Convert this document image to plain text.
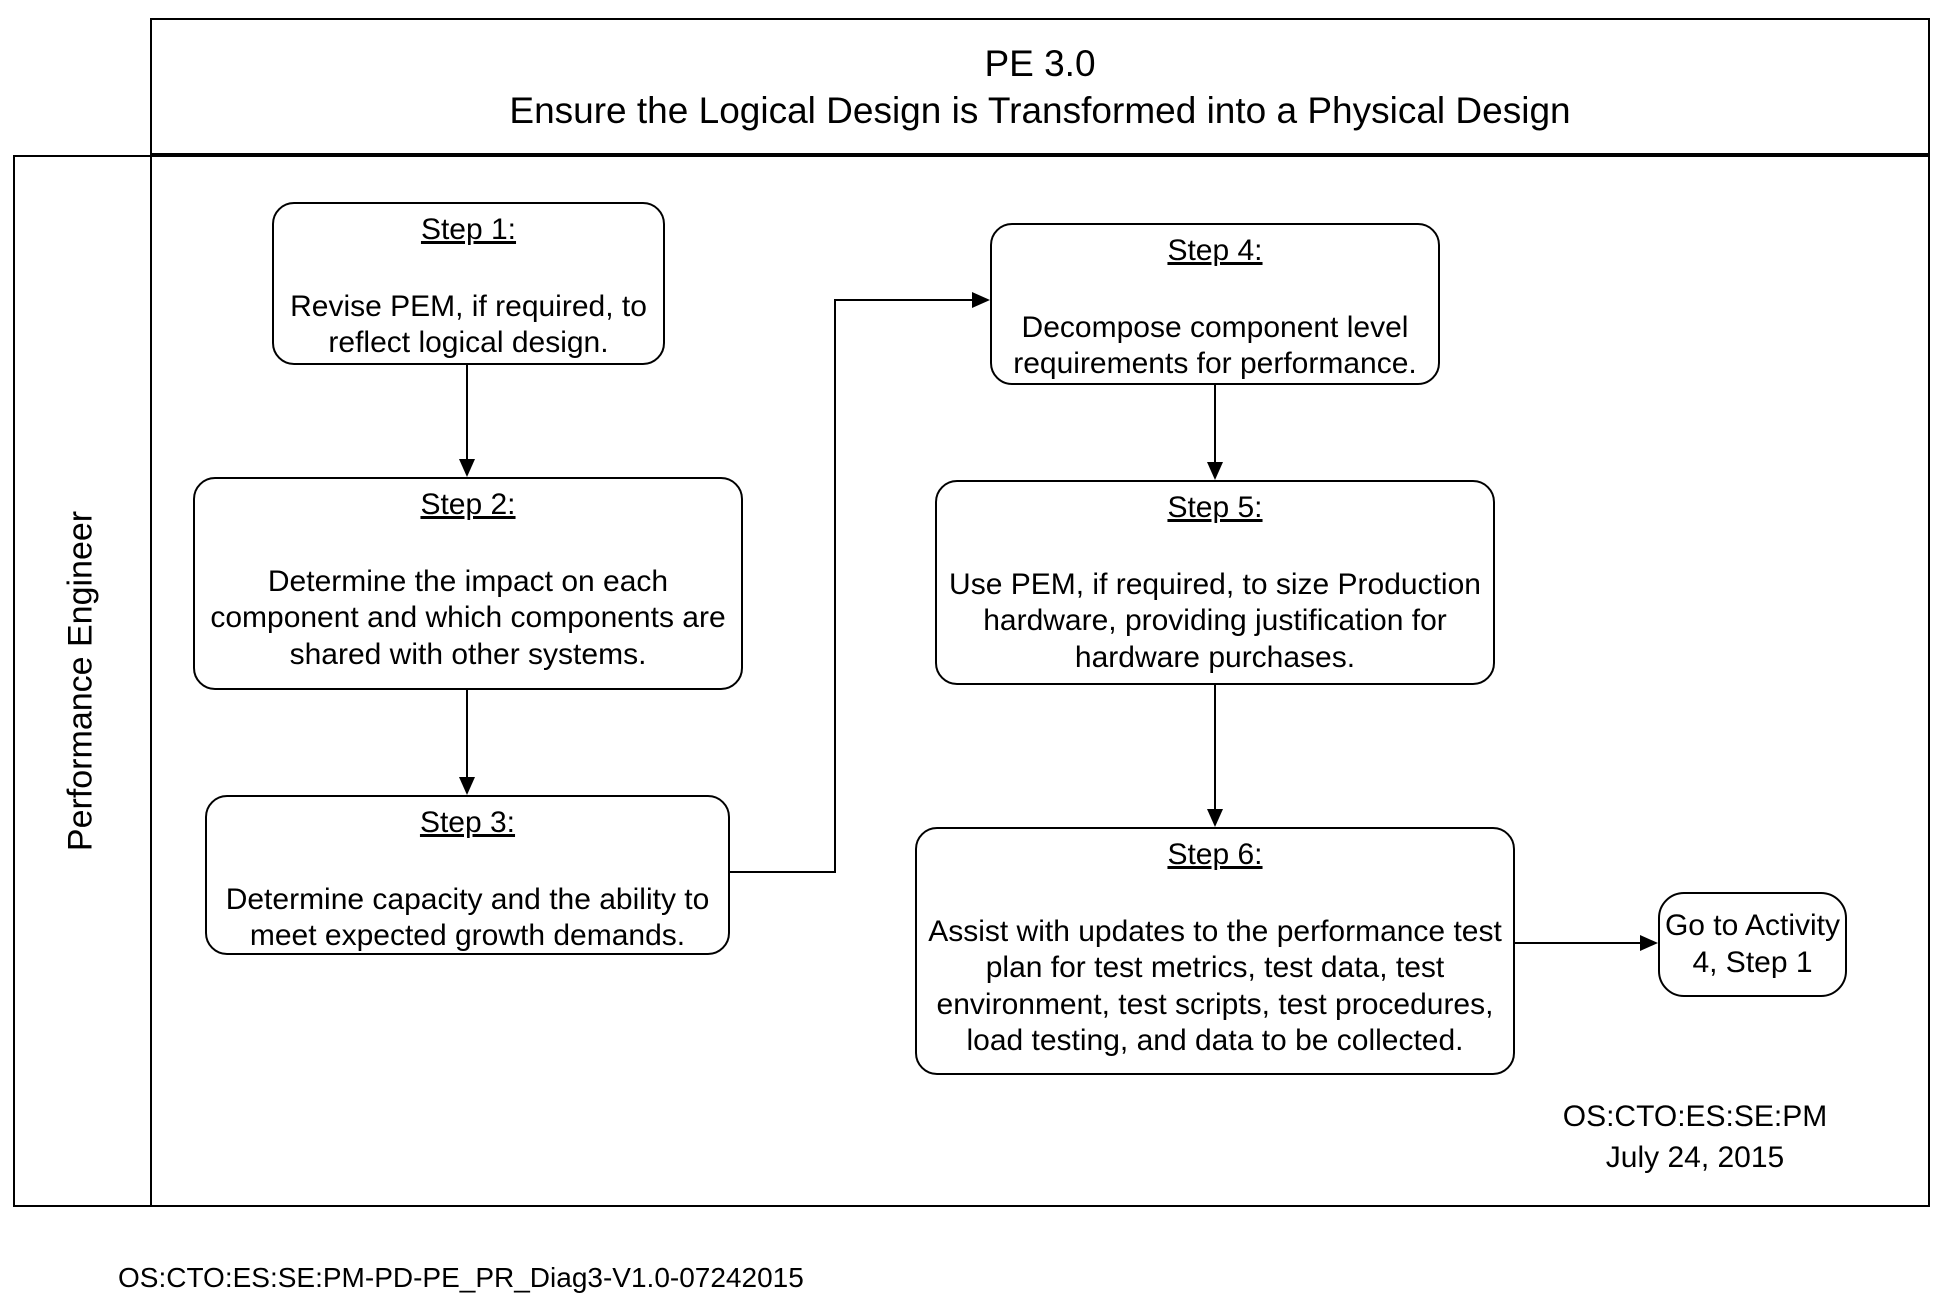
PE 3.0
Ensure the Logical Design is Transformed into a Physical Design
Performance Engineer
Step 1:
Revise PEM, if required, to reflect logical design.
Step 2:
Determine the impact on each component and which components are shared with other systems.
Step 3:
Determine capacity and the ability to meet expected growth demands.
Step 4:
Decompose component level requirements for performance.
Step 5:
Use PEM, if required, to size Production hardware, providing justification for hardware purchases.
Step 6:
Assist with updates to the performance test plan for test metrics, test data, test environment, test scripts, test procedures, load testing, and data to be collected.
Go to Activity 4, Step 1
OS:CTO:ES:SE:PM
July 24, 2015
OS:CTO:ES:SE:PM-PD-PE_PR_Diag3-V1.0-07242015
